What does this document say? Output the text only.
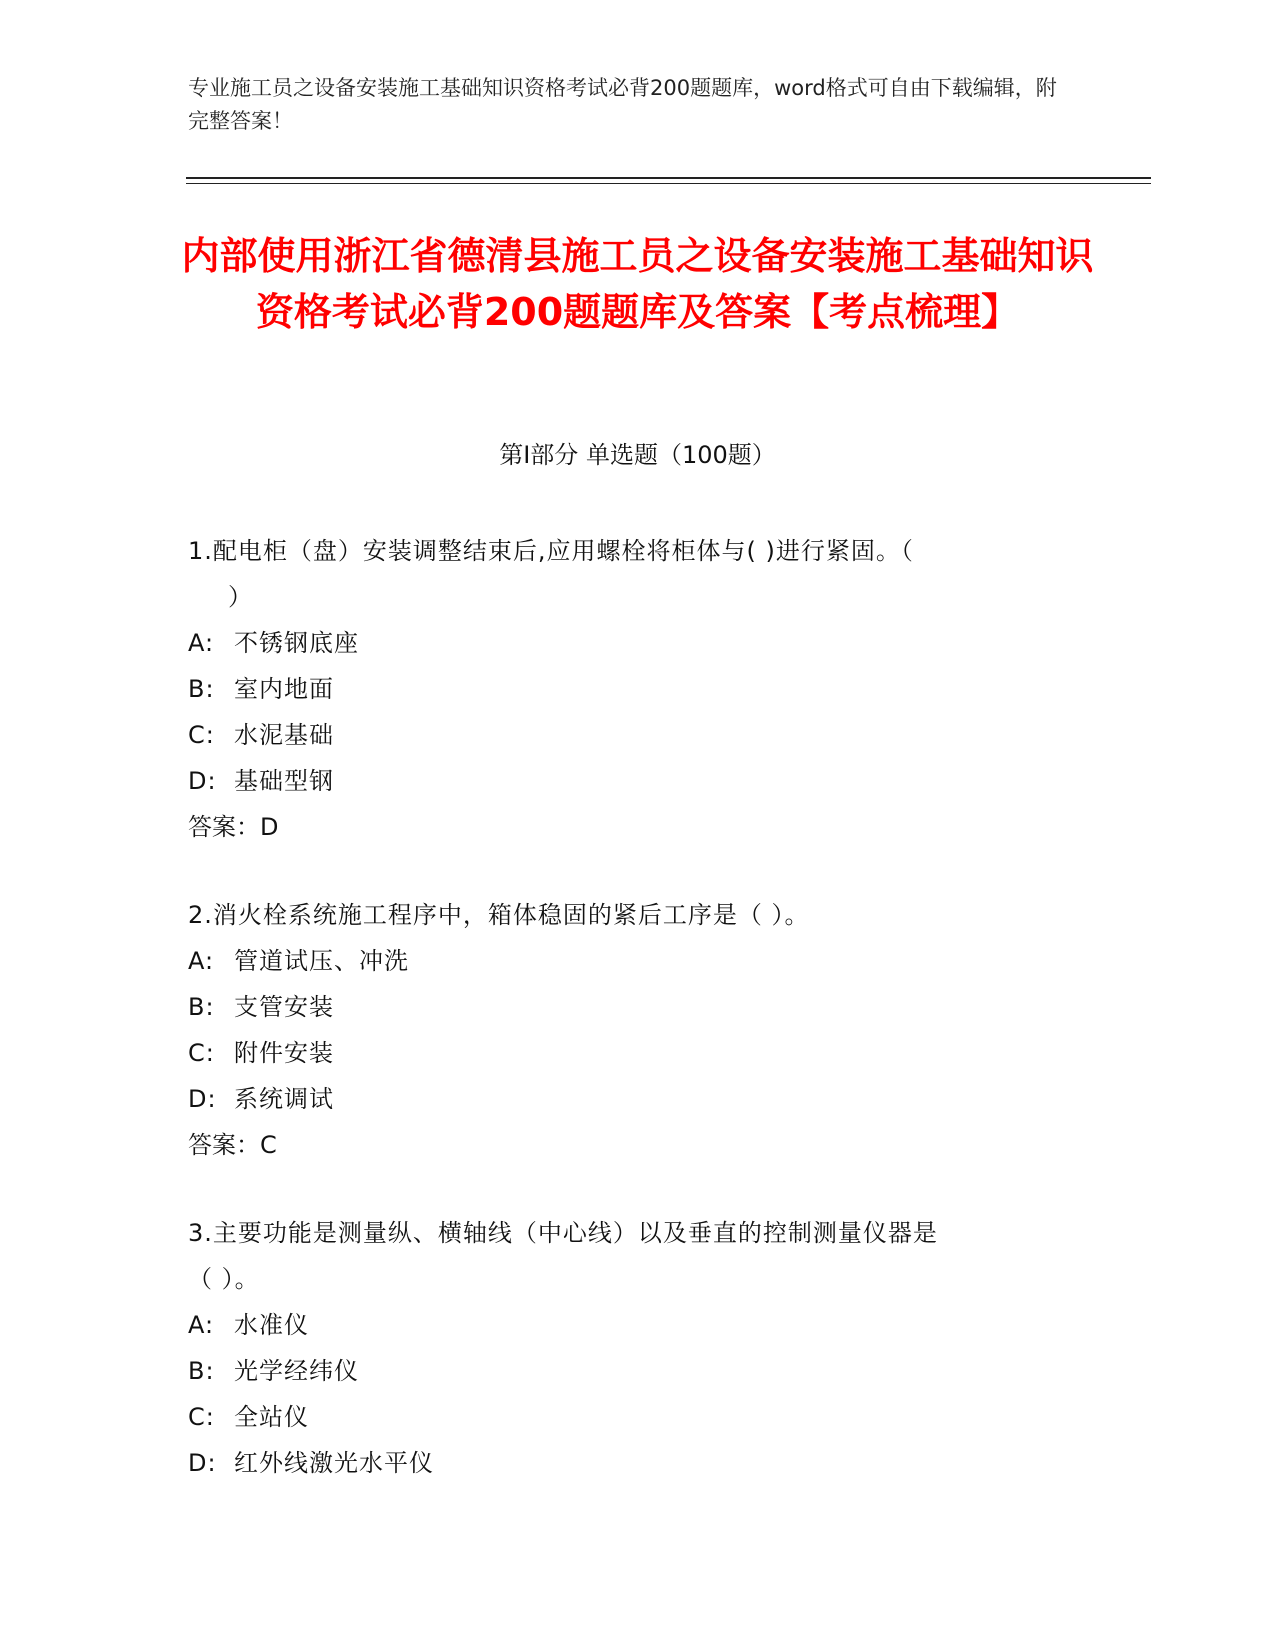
专业施工员之设备安装施工基础知识资格考试必背200题题库，word格式可自由下载编辑，附完整答案！
内部使用浙江省德清县施工员之设备安装施工基础知识资格考试必背200题题库及答案【考点梳理】
第Ⅰ部分 单选题（100题）
1.配电柜（盘）安装调整结束后,应用螺栓将柜体与( )进行紧固。（
）
A: 不锈钢底座
B: 室内地面
C: 水泥基础
D: 基础型钢
答案：D
2.消火栓系统施工程序中，箱体稳固的紧后工序是（ ）。
A: 管道试压、冲洗
B: 支管安装
C: 附件安装
D: 系统调试
答案：C
3.主要功能是测量纵、横轴线（中心线）以及垂直的控制测量仪器是
（ ）。
A: 水准仪
B: 光学经纬仪
C: 全站仪
D: 红外线激光水平仪
